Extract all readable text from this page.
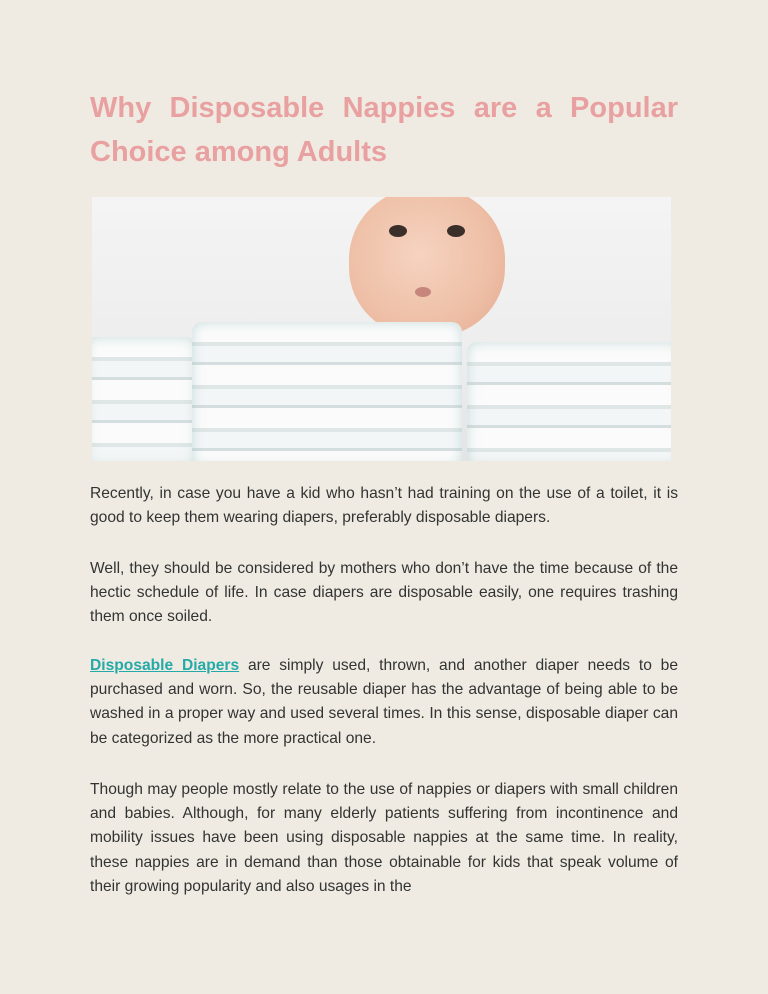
Why Disposable Nappies are a Popular Choice among Adults

Recently, in case you have a kid who hasn’t had training on the use of a toilet, it is good to keep them wearing diapers, preferably disposable diapers.

Well, they should be considered by mothers who don’t have the time because of the hectic schedule of life. In case diapers are disposable easily, one requires trashing them once soiled.

Disposable Diapers are simply used, thrown, and another diaper needs to be purchased and worn. So, the reusable diaper has the advantage of being able to be washed in a proper way and used several times. In this sense, disposable diaper can be categorized as the more practical one.

Though may people mostly relate to the use of nappies or diapers with small children and babies. Although, for many elderly patients suffering from incontinence and mobility issues have been using disposable nappies at the same time. In reality, these nappies are in demand than those obtainable for kids that speak volume of their growing popularity and also usages in the
